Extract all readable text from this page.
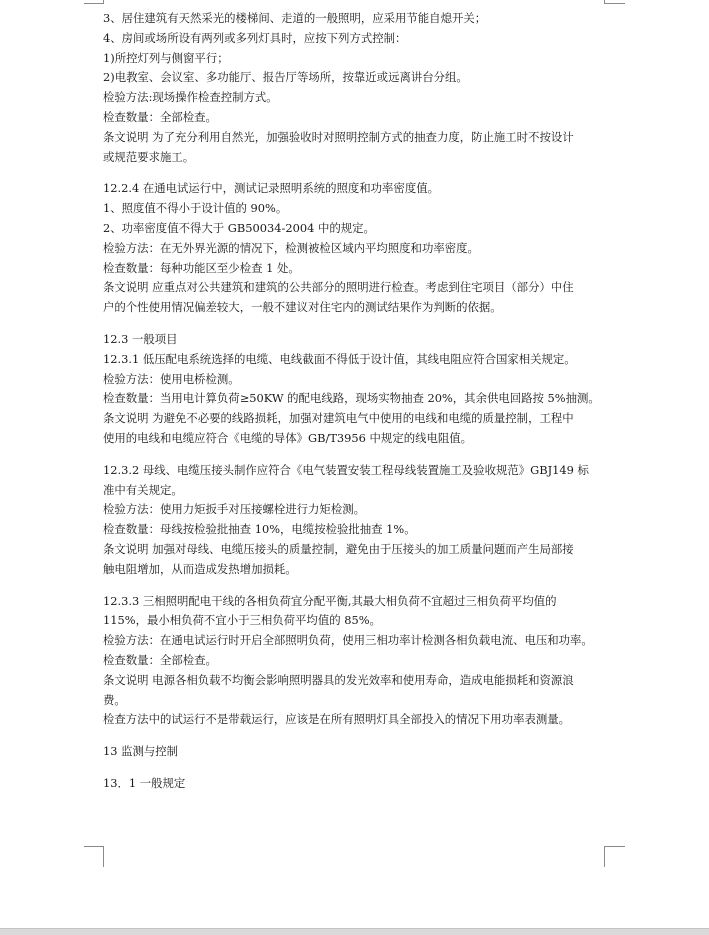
3、居住建筑有天然采光的楼梯间、走道的一般照明，应采用节能自熄开关；
4、房间或场所设有两列或多列灯具时，应按下列方式控制：
1)所控灯列与侧窗平行；
2)电教室、会议室、多功能厅、报告厅等场所，按靠近或远离讲台分组。
检验方法:现场操作检查控制方式。
检查数量：全部检查。
条文说明 为了充分利用自然光，加强验收时对照明控制方式的抽查力度，防止施工时不按设计
或规范要求施工。
12.2.4 在通电试运行中，测试记录照明系统的照度和功率密度值。
1、照度值不得小于设计值的 90%。
2、功率密度值不得大于 GB50034-2004 中的规定。
检验方法：在无外界光源的情况下，检测被检区域内平均照度和功率密度。
检查数量：每种功能区至少检查 1 处。
条文说明 应重点对公共建筑和建筑的公共部分的照明进行检查。考虑到住宅项目（部分）中住
户的个性使用情况偏差较大，一般不建议对住宅内的测试结果作为判断的依据。
12.3 一般项目
12.3.1 低压配电系统选择的电缆、电线截面不得低于设计值，其线电阻应符合国家相关规定。
检验方法：使用电桥检测。
检查数量：当用电计算负荷≥50KW 的配电线路，现场实物抽查 20%，其余供电回路按 5%抽测。
条文说明 为避免不必要的线路损耗，加强对建筑电气中使用的电线和电缆的质量控制，工程中
使用的电线和电缆应符合《电缆的导体》GB/T3956 中规定的线电阻值。
12.3.2 母线、电缆压接头制作应符合《电气装置安装工程母线装置施工及验收规范》GBJ149 标
准中有关规定。
检验方法：使用力矩扳手对压接螺栓进行力矩检测。
检查数量：母线按检验批抽查 10%，电缆按检验批抽查 1%。
条文说明 加强对母线、电缆压接头的质量控制，避免由于压接头的加工质量问题而产生局部接
触电阻增加，从而造成发热增加损耗。
12.3.3 三相照明配电干线的各相负荷宜分配平衡,其最大相负荷不宜超过三相负荷平均值的
115%，最小相负荷不宜小于三相负荷平均值的 85%。
检验方法：在通电试运行时开启全部照明负荷，使用三相功率计检测各相负载电流、电压和功率。
检查数量：全部检查。
条文说明 电源各相负载不均衡会影响照明器具的发光效率和使用寿命，造成电能损耗和资源浪
费。
检查方法中的试运行不是带载运行，应该是在所有照明灯具全部投入的情况下用功率表测量。
13 监测与控制
13．1 一般规定
